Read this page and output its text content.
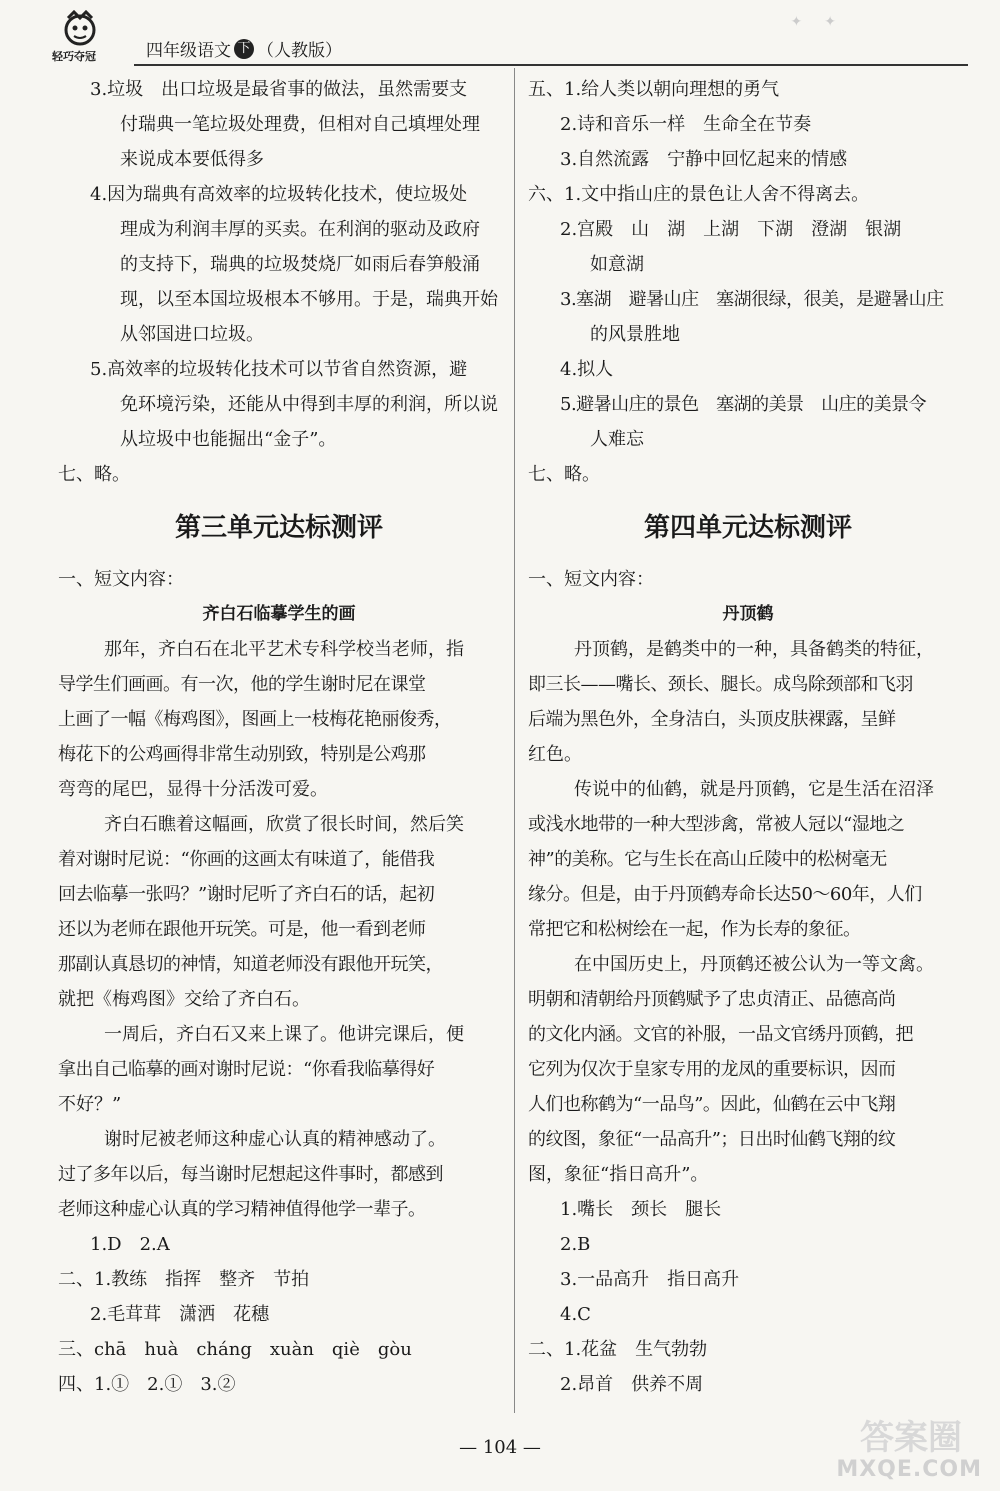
轻巧夺冠	四年级语文 下 （人教版）
✦✦
3.垃圾　出口垃圾是最省事的做法，虽然需要支
付瑞典一笔垃圾处理费，但相对自己填埋处理
来说成本要低得多
4.因为瑞典有高效率的垃圾转化技术，使垃圾处
理成为利润丰厚的买卖。在利润的驱动及政府
的支持下，瑞典的垃圾焚烧厂如雨后春笋般涌
现，以至本国垃圾根本不够用。于是，瑞典开始
从邻国进口垃圾。
5.高效率的垃圾转化技术可以节省自然资源，避
免环境污染，还能从中得到丰厚的利润，所以说
从垃圾中也能掘出“金子”。
七、略。
第三单元达标测评
一、短文内容：
齐白石临摹学生的画
那年，齐白石在北平艺术专科学校当老师，指
导学生们画画。有一次，他的学生谢时尼在课堂
上画了一幅《梅鸡图》，图画上一枝梅花艳丽俊秀，
梅花下的公鸡画得非常生动别致，特别是公鸡那
弯弯的尾巴，显得十分活泼可爱。
齐白石瞧着这幅画，欣赏了很长时间，然后笑
着对谢时尼说：“你画的这画太有味道了，能借我
回去临摹一张吗？”谢时尼听了齐白石的话，起初
还以为老师在跟他开玩笑。可是，他一看到老师
那副认真恳切的神情，知道老师没有跟他开玩笑，
就把《梅鸡图》交给了齐白石。
一周后，齐白石又来上课了。他讲完课后，便
拿出自己临摹的画对谢时尼说：“你看我临摹得好
不好？”
谢时尼被老师这种虚心认真的精神感动了。
过了多年以后，每当谢时尼想起这件事时，都感到
老师这种虚心认真的学习精神值得他学一辈子。
1.D　2.A
二、1.教练　指挥　整齐　节拍
2.毛茸茸　潇洒　花穗
三、chā　huà　cháng　xuàn　qiè　gòu
四、1.①　2.①　3.②
五、1.给人类以朝向理想的勇气
2.诗和音乐一样　生命全在节奏
3.自然流露　宁静中回忆起来的情感
六、1.文中指山庄的景色让人舍不得离去。
2.宫殿　山　湖　上湖　下湖　澄湖　银湖
如意湖
3.塞湖　避暑山庄　塞湖很绿，很美，是避暑山庄
的风景胜地
4.拟人
5.避暑山庄的景色　塞湖的美景　山庄的美景令
人难忘
七、略。
第四单元达标测评
一、短文内容：
丹顶鹤
丹顶鹤，是鹤类中的一种，具备鹤类的特征，
即三长——嘴长、颈长、腿长。成鸟除颈部和飞羽
后端为黑色外，全身洁白，头顶皮肤裸露，呈鲜
红色。
传说中的仙鹤，就是丹顶鹤，它是生活在沼泽
或浅水地带的一种大型涉禽，常被人冠以“湿地之
神”的美称。它与生长在高山丘陵中的松树毫无
缘分。但是，由于丹顶鹤寿命长达50～60年，人们
常把它和松树绘在一起，作为长寿的象征。
在中国历史上，丹顶鹤还被公认为一等文禽。
明朝和清朝给丹顶鹤赋予了忠贞清正、品德高尚
的文化内涵。文官的补服，一品文官绣丹顶鹤，把
它列为仅次于皇家专用的龙凤的重要标识，因而
人们也称鹤为“一品鸟”。因此，仙鹤在云中飞翔
的纹图，象征“一品高升”；日出时仙鹤飞翔的纹
图，象征“指日高升”。
1.嘴长　颈长　腿长
2.B
3.一品高升　指日高升
4.C
二、1.花盆　生气勃勃
2.昂首　供养不周
— 104 —	答案圈
MXQE.COM
